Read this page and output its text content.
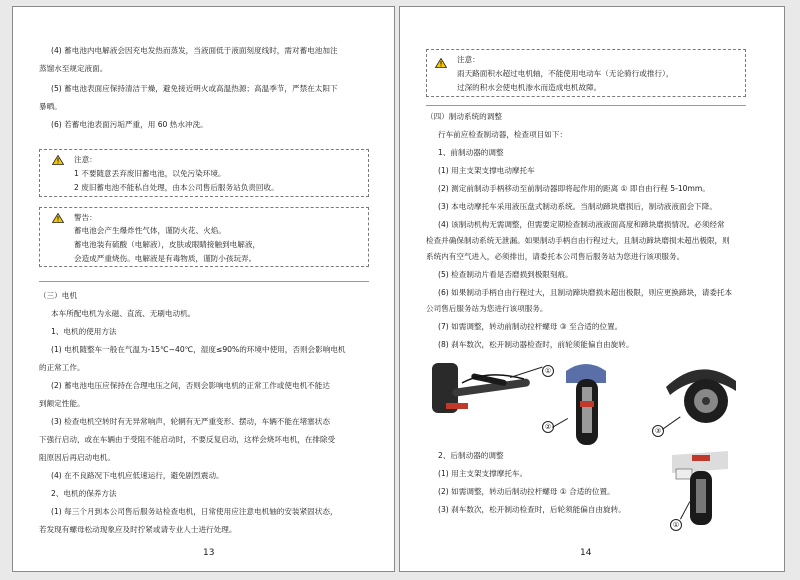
(4) 蓄电池内电解液会因充电发热而蒸发，当液面低于液面刻度线时，需对蓄电池加注
蒸馏水至规定液面。
(5) 蓄电池表面应保持清洁干燥，避免接近明火或高温热源；高温季节，严禁在太阳下
暴晒。
(6) 若蓄电池表面污垢严重，用 60 热水冲洗。
注意：
1 不要随意丢弃废旧蓄电池，以免污染环境。
2 废旧蓄电池不能私自处理，由本公司售后服务站负责回收。
警告：
蓄电池会产生爆炸性气体，谨防火花、火焰。
蓄电池装有硫酸（电解液），皮肤或眼睛接触到电解液，
会造成严重烧伤。电解液是有毒物质，谨防小孩玩弄。
（三）电机
本车所配电机为永磁、直流、无刷电动机。
1、电机的使用方法
(1) 电机随整车一般在气温为-15℃~40℃，湿度≤90%的环境中使用，否则会影响电机
的正常工作。
(2) 蓄电池电压应保持在合理电压之间，否则会影响电机的正常工作或使电机不能达
到额定性能。
(3) 检查电机空转时有无异常响声，轮辋有无严重变形、摆动，车辆不能在堵塞状态
下强行启动，或在车辆由于受阻不能启动时，不要反复启动，这样会烧坏电机，在排除受
阻原因后再启动电机。
(4) 在不良路况下电机应低速运行，避免剧烈震动。
2、电机的保养方法
(1) 每三个月到本公司售后服务站检查电机，日常使用应注意电机轴的安装紧固状态，
若发现有螺母松动现象应及时拧紧或请专业人士进行处理。
13
注意：
雨天路面积水超过电机轴，不能使用电动车（无论骑行或推行），
过深的积水会使电机渗水而造成电机故障。
（四）制动系统的调整
行车前应检查制动器，检查项目如下：
1、前制动器的调整
(1) 用主支架支撑电动摩托车
(2) 测定前制动手柄移动至前制动器即将起作用的距离 ① 即自由行程 5-10mm。
(3) 本电动摩托车采用液压盘式制动系统。当制动蹄块磨损后，制动液液面会下降。
(4) 该制动机构无需调整，但需要定期检查制动液液面高度和蹄块磨损情况。必须经常
检查并确保制动系统无泄漏。如果制动手柄自由行程过大，且制动蹄块磨损未超出极限，则
系统内有空气进入，必须排出，请委托本公司售后服务站为您进行该项服务。
(5) 检查制动片看是否磨损到极限刻痕。
(6) 如果制动手柄自由行程过大，且制动蹄块磨损未超出极限，则应更换蹄块，请委托本
公司售后服务站为您进行该项服务。
(7) 如需调整，转动前制动拉杆螺母 ③ 至合适的位置。
(8) 刹车数次，松开制动器检查时，前轮须能偏自由旋转。
①
②	③
2、后制动器的调整
(1) 用主支架支撑摩托车。
(2) 如需调整，转动后制动拉杆螺母 ① 合适的位置。
(3) 刹车数次，松开制动检查时，后轮须能偏自由旋转。
①
14
